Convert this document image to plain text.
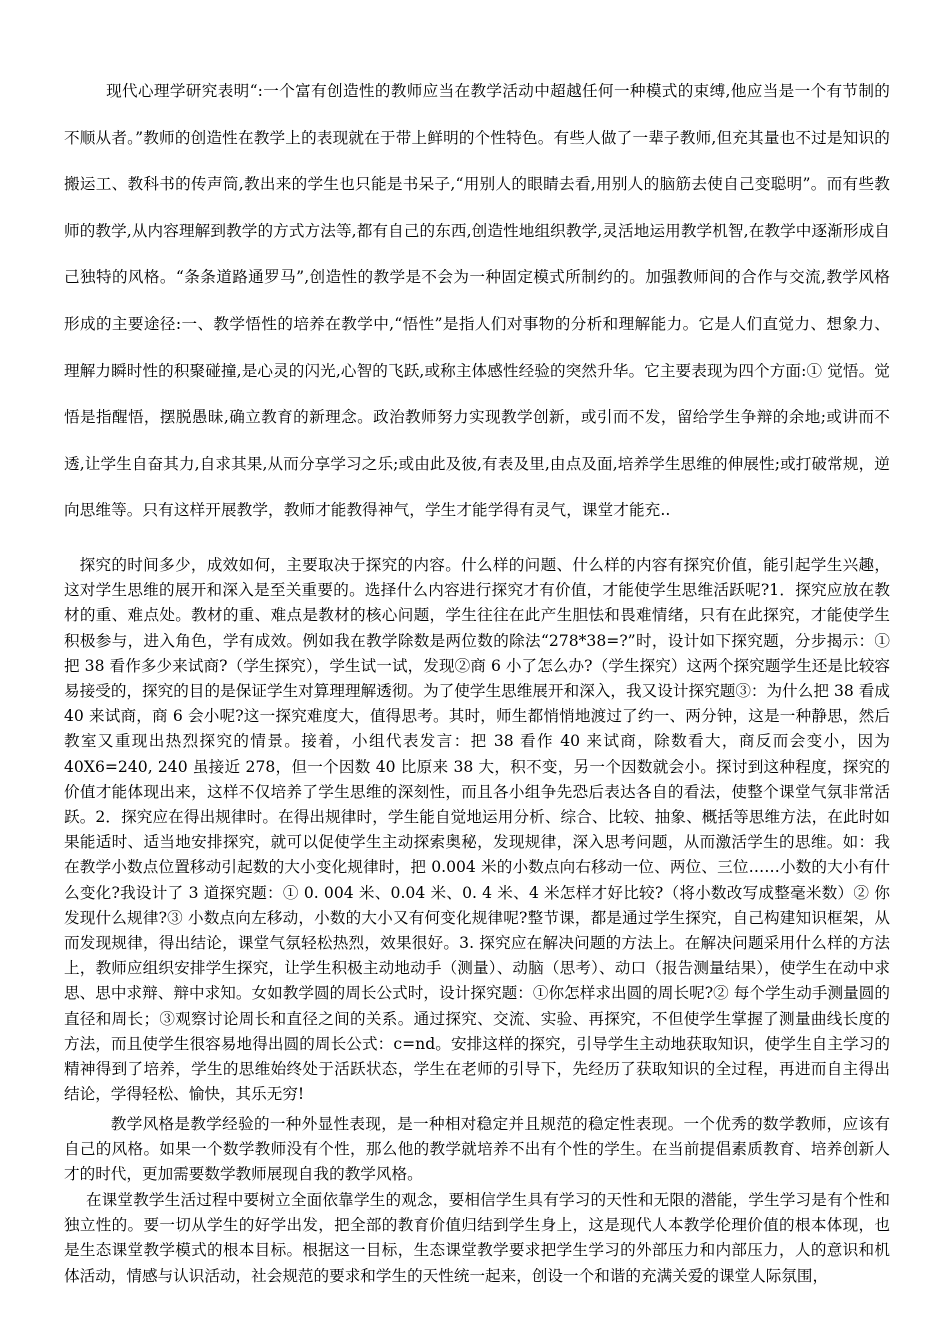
现代心理学研究表明“:一个富有创造性的教师应当在教学活动中超越任何一种模式的束缚,他应当是一个有节制的不顺从者。”教师的创造性在教学上的表现就在于带上鲜明的个性特色。有些人做了一辈子教师,但充其量也不过是知识的搬运工、教科书的传声筒,教出来的学生也只能是书呆子,“用别人的眼睛去看,用别人的脑筋去使自己变聪明”。而有些教师的教学,从内容理解到教学的方式方法等,都有自己的东西,创造性地组织教学,灵活地运用教学机智,在教学中逐渐形成自己独特的风格。“条条道路通罗马”,创造性的教学是不会为一种固定模式所制约的。加强教师间的合作与交流,教学风格形成的主要途径:一、教学悟性的培养在教学中,“悟性”是指人们对事物的分析和理解能力。它是人们直觉力、想象力、理解力瞬时性的积聚碰撞,是心灵的闪光,心智的飞跃,或称主体感性经验的突然升华。它主要表现为四个方面:① 觉悟。觉悟是指醒悟，摆脱愚昧,确立教育的新理念。政治教师努力实现教学创新，或引而不发，留给学生争辩的余地;或讲而不透,让学生自奋其力,自求其果,从而分享学习之乐;或由此及彼,有表及里,由点及面,培养学生思维的伸展性;或打破常规，逆向思维等。只有这样开展教学，教师才能教得神气，学生才能学得有灵气，课堂才能充..

探究的时间多少，成效如何，主要取决于探究的内容。什么样的问题、什么样的内容有探究价值，能引起学生兴趣，这对学生思维的展开和深入是至关重要的。选择什么内容进行探究才有价值，才能使学生思维活跃呢?1．探究应放在教材的重、难点处。教材的重、难点是教材的核心问题，学生往往在此产生胆怯和畏难情绪，只有在此探究，才能使学生积极参与，进入角色，学有成效。例如我在教学除数是两位数的除法“278*38=?”时，设计如下探究题，分步揭示：①把 38 看作多少来试商?（学生探究），学生试一试，发现②商 6 小了怎么办?（学生探究）这两个探究题学生还是比较容易接受的，探究的目的是保证学生对算理理解透彻。为了使学生思维展开和深入，我又设计探究题③：为什么把 38 看成 40 来试商，商 6 会小呢?这一探究难度大，值得思考。其时，师生都悄悄地渡过了约一、两分钟，这是一种静思，然后教室又重现出热烈探究的情景。接着，小组代表发言：把 38 看作 40 来试商，除数看大，商反而会变小，因为 40X6=240, 240 虽接近 278，但一个因数 40 比原来 38 大，积不变，另一个因数就会小。探讨到这种程度，探究的价值才能体现出来，这样不仅培养了学生思维的深刻性，而且各小组争先恐后表达各自的看法，使整个课堂气氛非常活跃。2．探究应在得出规律时。在得出规律时，学生能自觉地运用分析、综合、比较、抽象、概括等思维方法，在此时如果能适时、适当地安排探究，就可以促使学生主动探索奥秘，发现规律，深入思考问题，从而激活学生的思维。如：我在教学小数点位置移动引起数的大小变化规律时，把 0.004 米的小数点向右移动一位、两位、三位……小数的大小有什么变化?我设计了 3 道探究题：① 0. 004 米、0.04 米、0. 4 米、4 米怎样才好比较?（将小数改写成整毫米数）② 你发现什么规律?③ 小数点向左移动，小数的大小又有何变化规律呢?整节课，都是通过学生探究，自己构建知识框架，从而发现规律，得出结论，课堂气氛轻松热烈，效果很好。3. 探究应在解决问题的方法上。在解决问题采用什么样的方法上，教师应组织安排学生探究，让学生积极主动地动手（测量）、动脑（思考）、动口（报告测量结果），使学生在动中求思、思中求辩、辩中求知。女如教学圆的周长公式时，设计探究题：①你怎样求出圆的周长呢?② 每个学生动手测量圆的直径和周长；③观察讨论周长和直径之间的关系。通过探究、交流、实验、再探究，不但使学生掌握了测量曲线长度的方法，而且使学生很容易地得出圆的周长公式：c=nd。安排这样的探究，引导学生主动地获取知识，使学生自主学习的精神得到了培养，学生的思维始终处于活跃状态，学生在老师的引导下，先经历了获取知识的全过程，再进而自主得出结论，学得轻松、愉快，其乐无穷!

教学风格是教学经验的一种外显性表现，是一种相对稳定并且规范的稳定性表现。一个优秀的数学教师，应该有自己的风格。如果一个数学教师没有个性，那么他的教学就培养不出有个性的学生。在当前提倡素质教育、培养创新人才的时代，更加需要数学教师展现自我的教学风格。

在课堂教学生活过程中要树立全面依靠学生的观念，要相信学生具有学习的天性和无限的潜能，学生学习是有个性和独立性的。要一切从学生的好学出发，把全部的教育价值归结到学生身上，这是现代人本教学伦理价值的根本体现，也是生态课堂教学模式的根本目标。根据这一目标，生态课堂教学要求把学生学习的外部压力和内部压力，人的意识和机体活动，情感与认识活动，社会规范的要求和学生的天性统一起来，创设一个和谐的充满关爱的课堂人际氛围，
